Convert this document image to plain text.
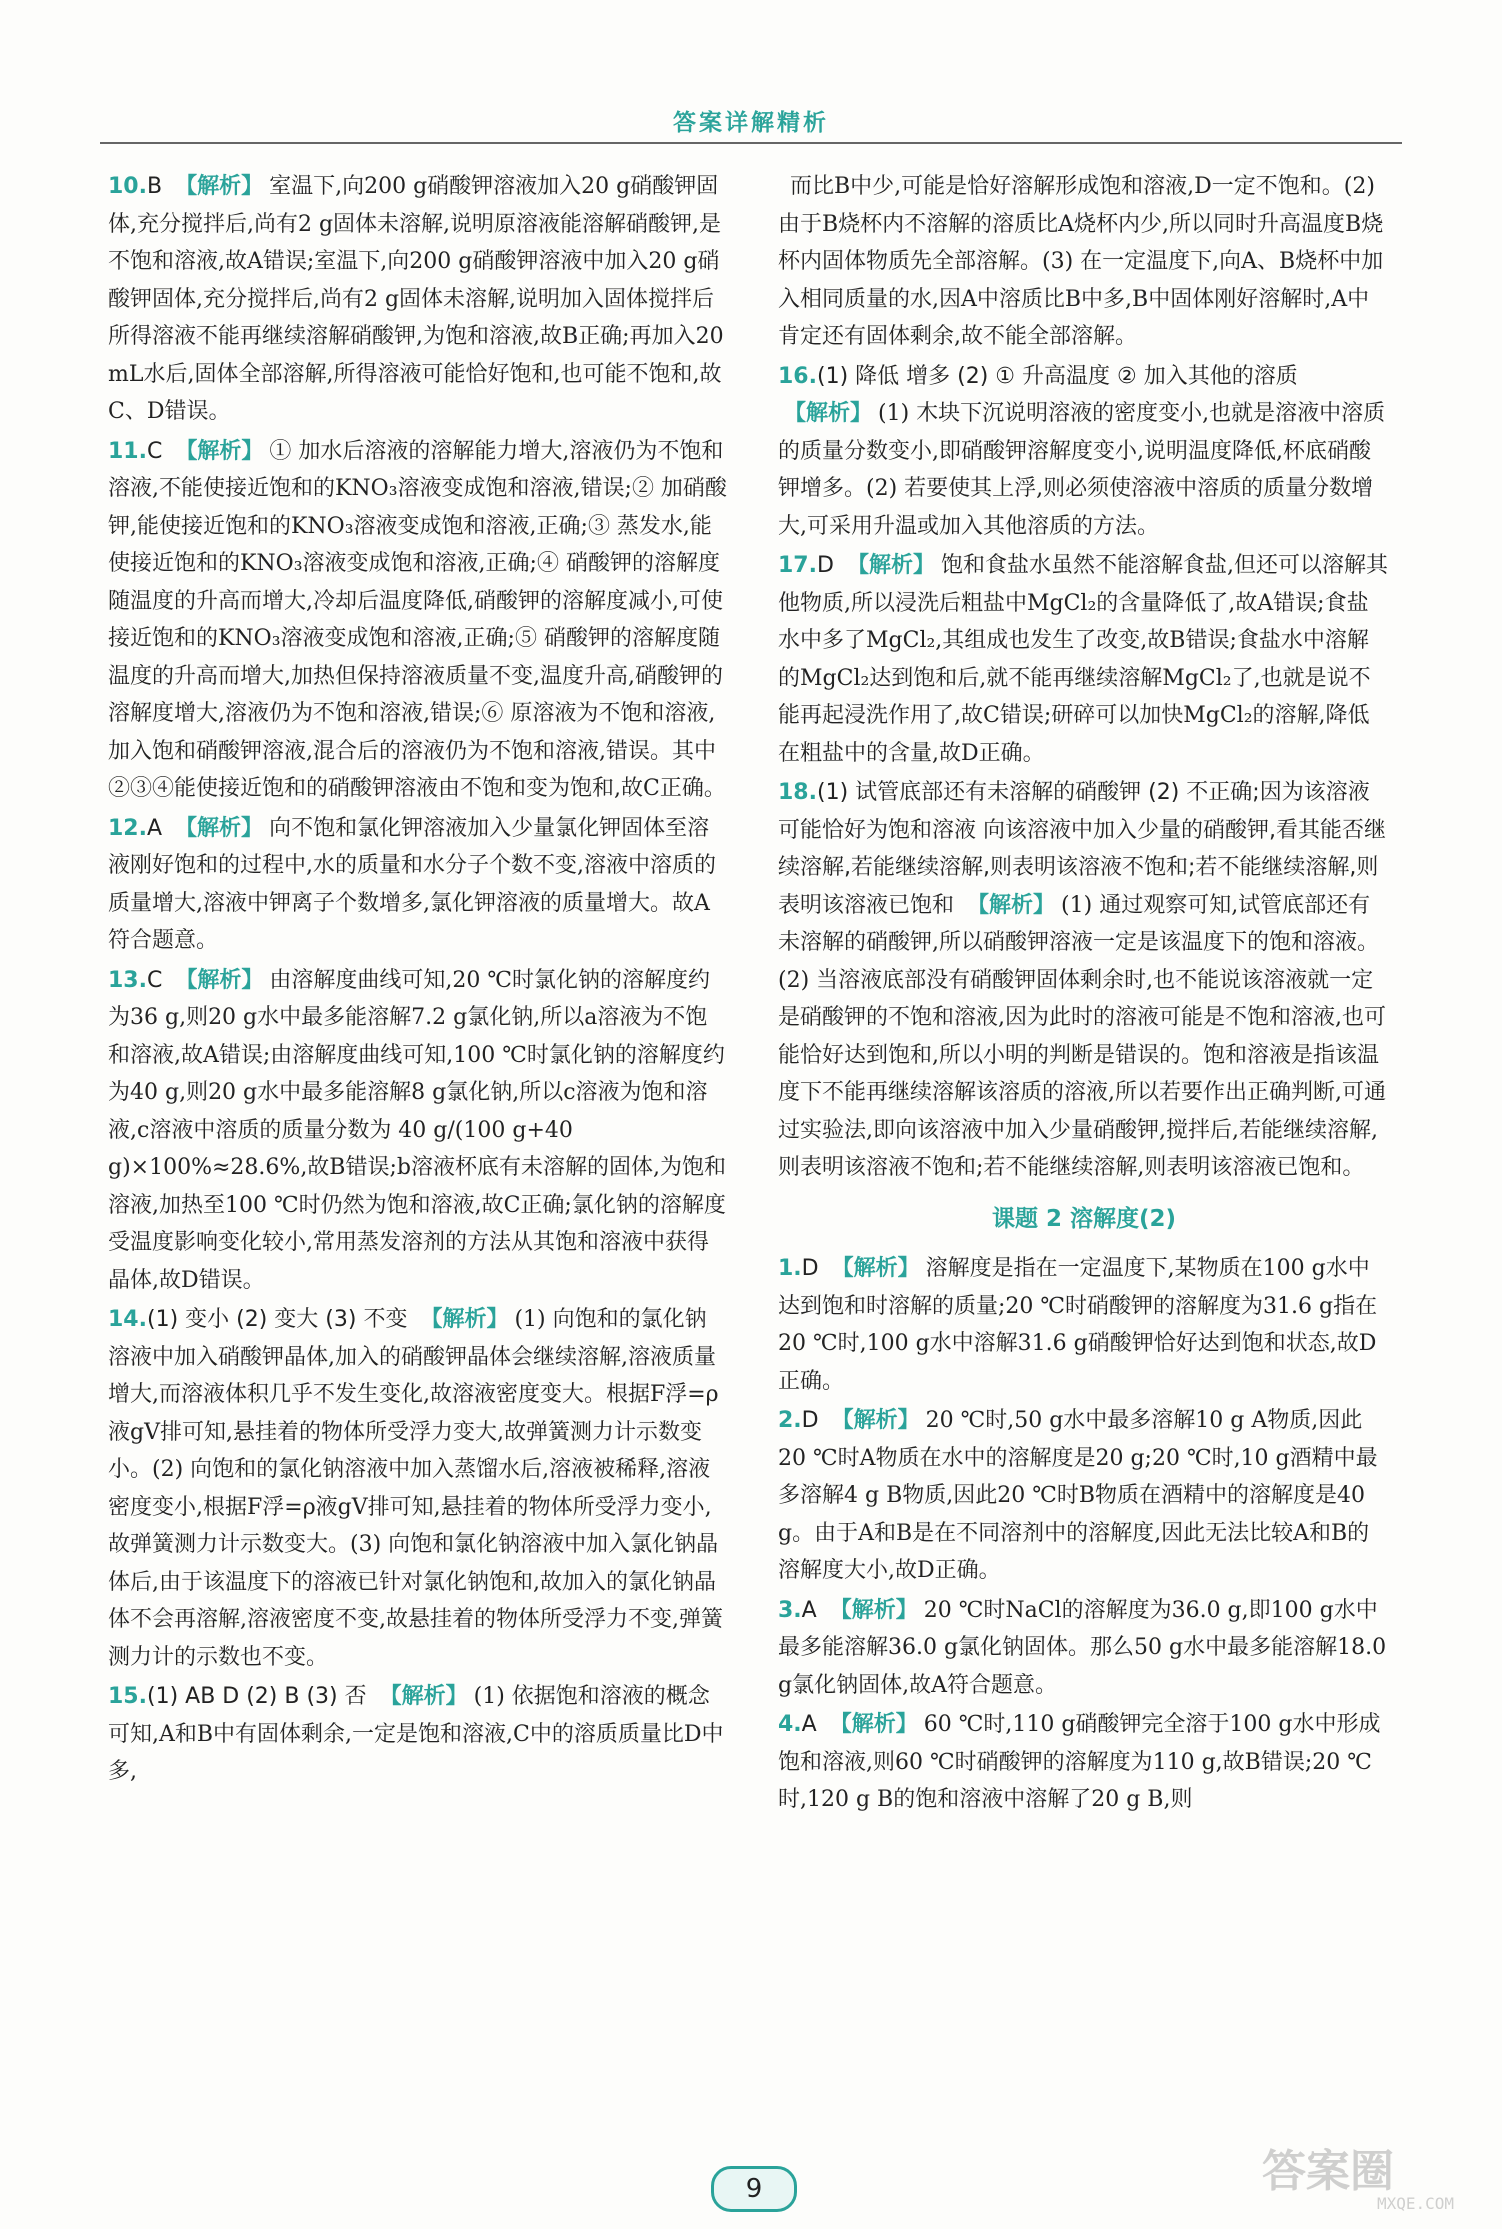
答案详解精析
10.B 【解析】 室温下,向200 g硝酸钾溶液加入20 g硝酸钾固体,充分搅拌后,尚有2 g固体未溶解,说明原溶液能溶解硝酸钾,是不饱和溶液,故A错误;室温下,向200 g硝酸钾溶液中加入20 g硝酸钾固体,充分搅拌后,尚有2 g固体未溶解,说明加入固体搅拌后所得溶液不能再继续溶解硝酸钾,为饱和溶液,故B正确;再加入20 mL水后,固体全部溶解,所得溶液可能恰好饱和,也可能不饱和,故C、D错误。
11.C 【解析】 ① 加水后溶液的溶解能力增大,溶液仍为不饱和溶液,不能使接近饱和的KNO₃溶液变成饱和溶液,错误;② 加硝酸钾,能使接近饱和的KNO₃溶液变成饱和溶液,正确;③ 蒸发水,能使接近饱和的KNO₃溶液变成饱和溶液,正确;④ 硝酸钾的溶解度随温度的升高而增大,冷却后温度降低,硝酸钾的溶解度减小,可使接近饱和的KNO₃溶液变成饱和溶液,正确;⑤ 硝酸钾的溶解度随温度的升高而增大,加热但保持溶液质量不变,温度升高,硝酸钾的溶解度增大,溶液仍为不饱和溶液,错误;⑥ 原溶液为不饱和溶液,加入饱和硝酸钾溶液,混合后的溶液仍为不饱和溶液,错误。其中②③④能使接近饱和的硝酸钾溶液由不饱和变为饱和,故C正确。
12.A 【解析】 向不饱和氯化钾溶液加入少量氯化钾固体至溶液刚好饱和的过程中,水的质量和水分子个数不变,溶液中溶质的质量增大,溶液中钾离子个数增多,氯化钾溶液的质量增大。故A符合题意。
13.C 【解析】 由溶解度曲线可知,20 ℃时氯化钠的溶解度约为36 g,则20 g水中最多能溶解7.2 g氯化钠,所以a溶液为不饱和溶液,故A错误;由溶解度曲线可知,100 ℃时氯化钠的溶解度约为40 g,则20 g水中最多能溶解8 g氯化钠,所以c溶液为饱和溶液,c溶液中溶质的质量分数为 40 g/(100 g+40 g)×100%≈28.6%,故B错误;b溶液杯底有未溶解的固体,为饱和溶液,加热至100 ℃时仍然为饱和溶液,故C正确;氯化钠的溶解度受温度影响变化较小,常用蒸发溶剂的方法从其饱和溶液中获得晶体,故D错误。
14.(1) 变小 (2) 变大 (3) 不变 【解析】 (1) 向饱和的氯化钠溶液中加入硝酸钾晶体,加入的硝酸钾晶体会继续溶解,溶液质量增大,而溶液体积几乎不发生变化,故溶液密度变大。根据F浮=ρ液gV排可知,悬挂着的物体所受浮力变大,故弹簧测力计示数变小。(2) 向饱和的氯化钠溶液中加入蒸馏水后,溶液被稀释,溶液密度变小,根据F浮=ρ液gV排可知,悬挂着的物体所受浮力变小,故弹簧测力计示数变大。(3) 向饱和氯化钠溶液中加入氯化钠晶体后,由于该温度下的溶液已针对氯化钠饱和,故加入的氯化钠晶体不会再溶解,溶液密度不变,故悬挂着的物体所受浮力不变,弹簧测力计的示数也不变。
15.(1) AB D (2) B (3) 否 【解析】 (1) 依据饱和溶液的概念可知,A和B中有固体剩余,一定是饱和溶液,C中的溶质质量比D中多,
而比B中少,可能是恰好溶解形成饱和溶液,D一定不饱和。(2) 由于B烧杯内不溶解的溶质比A烧杯内少,所以同时升高温度B烧杯内固体物质先全部溶解。(3) 在一定温度下,向A、B烧杯中加入相同质量的水,因A中溶质比B中多,B中固体刚好溶解时,A中肯定还有固体剩余,故不能全部溶解。
16.(1) 降低 增多 (2) ① 升高温度 ② 加入其他的溶质 【解析】 (1) 木块下沉说明溶液的密度变小,也就是溶液中溶质的质量分数变小,即硝酸钾溶解度变小,说明温度降低,杯底硝酸钾增多。(2) 若要使其上浮,则必须使溶液中溶质的质量分数增大,可采用升温或加入其他溶质的方法。
17.D 【解析】 饱和食盐水虽然不能溶解食盐,但还可以溶解其他物质,所以浸洗后粗盐中MgCl₂的含量降低了,故A错误;食盐水中多了MgCl₂,其组成也发生了改变,故B错误;食盐水中溶解的MgCl₂达到饱和后,就不能再继续溶解MgCl₂了,也就是说不能再起浸洗作用了,故C错误;研碎可以加快MgCl₂的溶解,降低在粗盐中的含量,故D正确。
18.(1) 试管底部还有未溶解的硝酸钾 (2) 不正确;因为该溶液可能恰好为饱和溶液 向该溶液中加入少量的硝酸钾,看其能否继续溶解,若能继续溶解,则表明该溶液不饱和;若不能继续溶解,则表明该溶液已饱和 【解析】 (1) 通过观察可知,试管底部还有未溶解的硝酸钾,所以硝酸钾溶液一定是该温度下的饱和溶液。(2) 当溶液底部没有硝酸钾固体剩余时,也不能说该溶液就一定是硝酸钾的不饱和溶液,因为此时的溶液可能是不饱和溶液,也可能恰好达到饱和,所以小明的判断是错误的。饱和溶液是指该温度下不能再继续溶解该溶质的溶液,所以若要作出正确判断,可通过实验法,即向该溶液中加入少量硝酸钾,搅拌后,若能继续溶解,则表明该溶液不饱和;若不能继续溶解,则表明该溶液已饱和。
课题 2 溶解度(2)
1.D 【解析】 溶解度是指在一定温度下,某物质在100 g水中达到饱和时溶解的质量;20 ℃时硝酸钾的溶解度为31.6 g指在20 ℃时,100 g水中溶解31.6 g硝酸钾恰好达到饱和状态,故D正确。
2.D 【解析】 20 ℃时,50 g水中最多溶解10 g A物质,因此20 ℃时A物质在水中的溶解度是20 g;20 ℃时,10 g酒精中最多溶解4 g B物质,因此20 ℃时B物质在酒精中的溶解度是40 g。由于A和B是在不同溶剂中的溶解度,因此无法比较A和B的溶解度大小,故D正确。
3.A 【解析】 20 ℃时NaCl的溶解度为36.0 g,即100 g水中最多能溶解36.0 g氯化钠固体。那么50 g水中最多能溶解18.0 g氯化钠固体,故A符合题意。
4.A 【解析】 60 ℃时,110 g硝酸钾完全溶于100 g水中形成饱和溶液,则60 ℃时硝酸钾的溶解度为110 g,故B错误;20 ℃时,120 g B的饱和溶液中溶解了20 g B,则
9	答案圈
MXQE.COM
